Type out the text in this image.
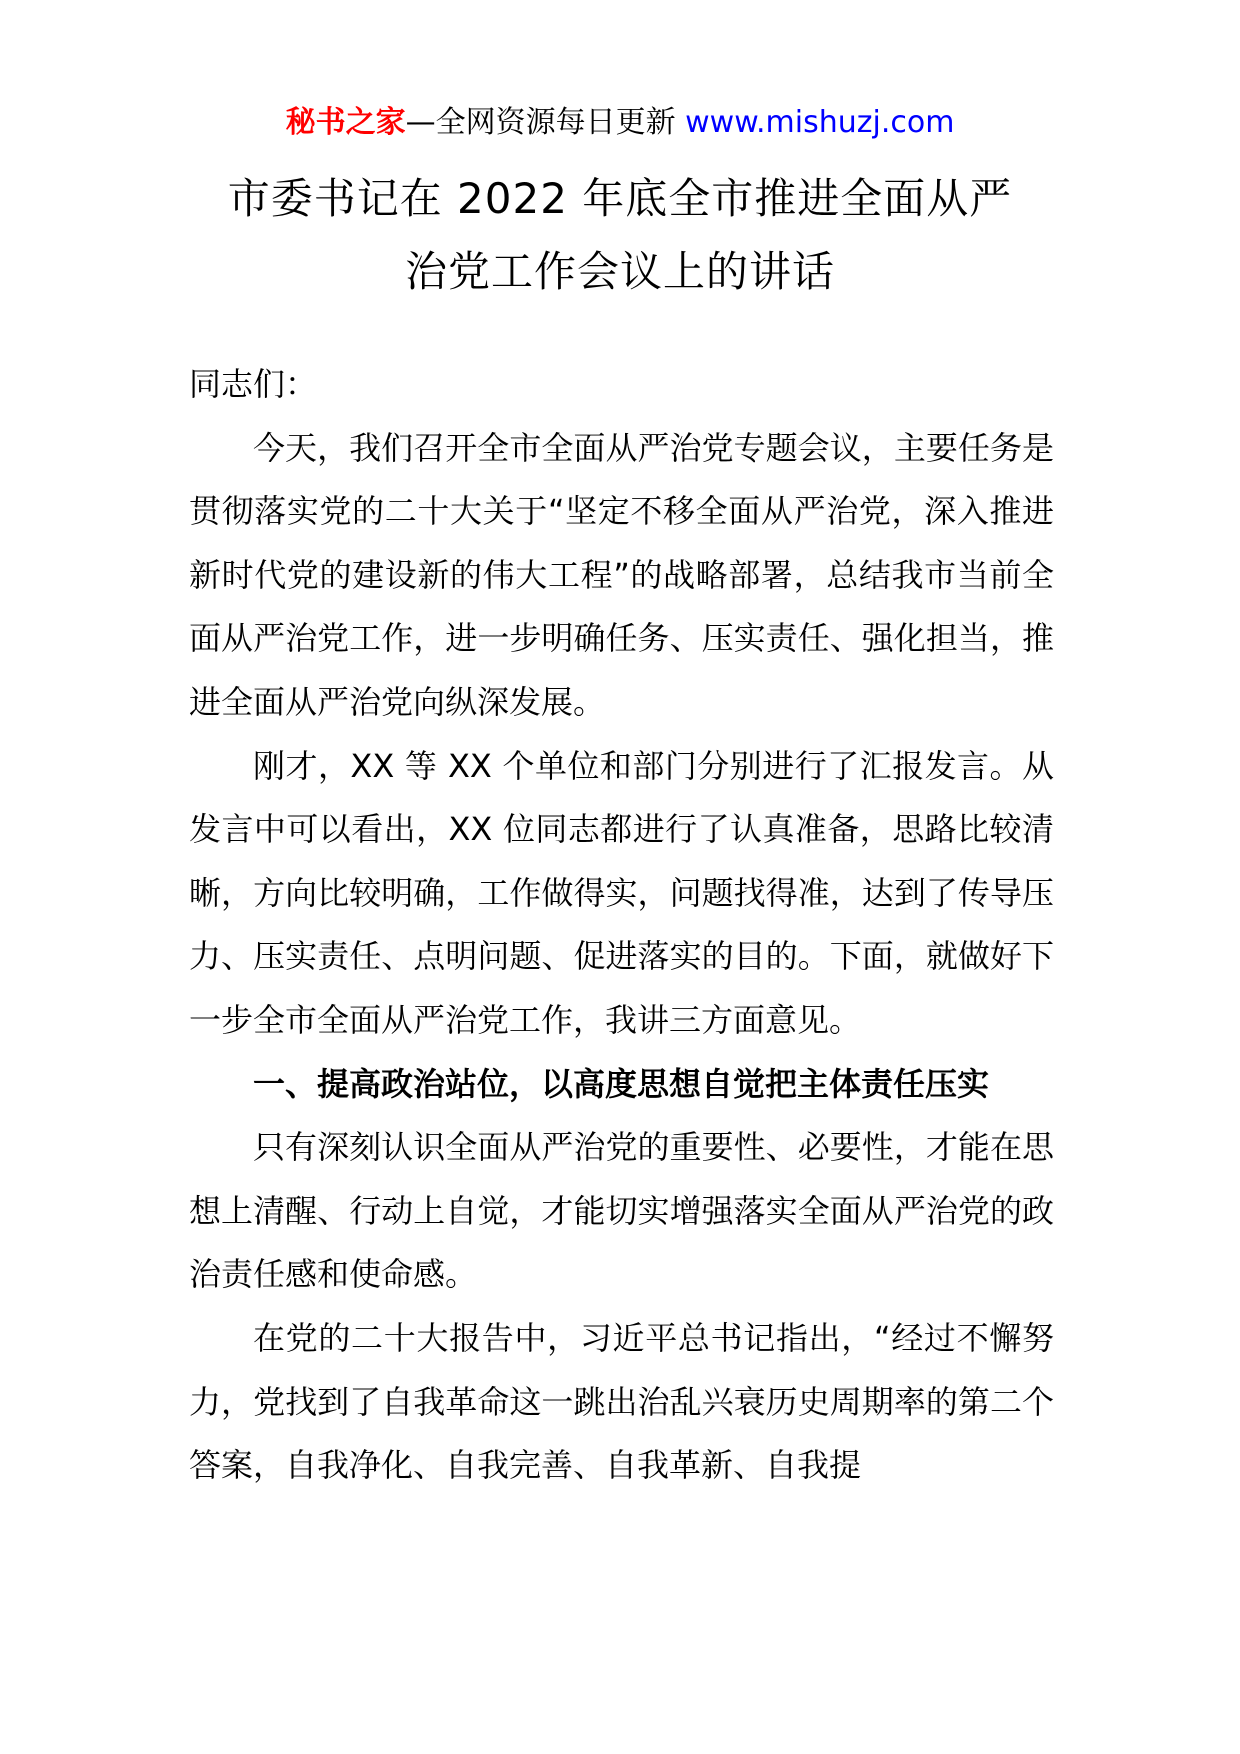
秘书之家—全网资源每日更新 www.mishuzj.com
市委书记在 2022 年底全市推进全面从严
治党工作会议上的讲话

同志们：

今天，我们召开全市全面从严治党专题会议，主要任务是贯彻落实党的二十大关于“坚定不移全面从严治党，深入推进新时代党的建设新的伟大工程”的战略部署，总结我市当前全面从严治党工作，进一步明确任务、压实责任、强化担当，推进全面从严治党向纵深发展。

刚才，XX 等 XX 个单位和部门分别进行了汇报发言。从发言中可以看出，XX 位同志都进行了认真准备，思路比较清晰，方向比较明确，工作做得实，问题找得准，达到了传导压力、压实责任、点明问题、促进落实的目的。下面，就做好下一步全市全面从严治党工作，我讲三方面意见。

一、提高政治站位，以高度思想自觉把主体责任压实

只有深刻认识全面从严治党的重要性、必要性，才能在思想上清醒、行动上自觉，才能切实增强落实全面从严治党的政治责任感和使命感。

在党的二十大报告中，习近平总书记指出，“经过不懈努力，党找到了自我革命这一跳出治乱兴衰历史周期率的第二个答案，自我净化、自我完善、自我革新、自我提
